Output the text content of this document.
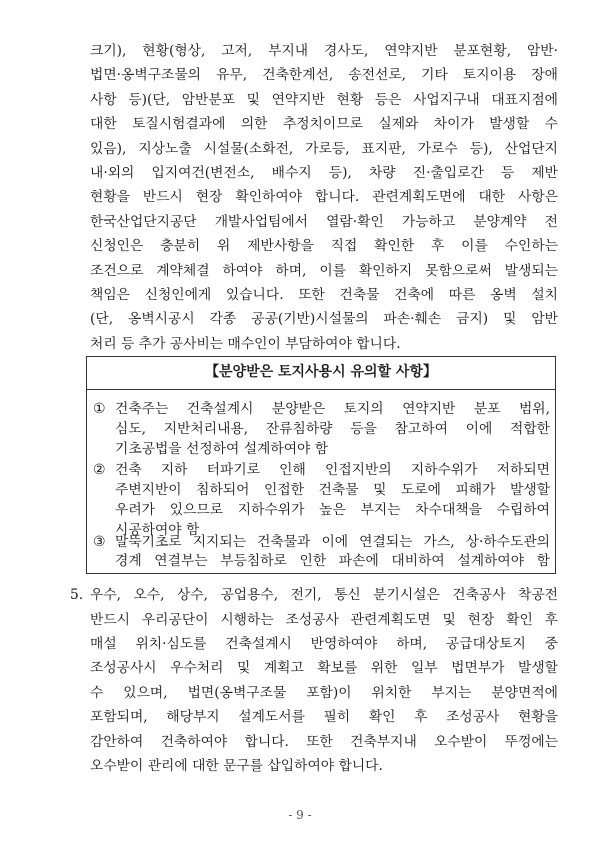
크기), 현황(형상, 고저, 부지내 경사도, 연약지반 분포현황, 암반·
법면·옹벽구조물의 유무, 건축한계선, 송전선로, 기타 토지이용 장애
사항 등)(단, 암반분포 및 연약지반 현황 등은 사업지구내 대표지점에
대한 토질시험결과에 의한 추정치이므로 실제와 차이가 발생할 수
있음), 지상노출 시설물(소화전, 가로등, 표지판, 가로수 등), 산업단지
내·외의 입지여건(변전소, 배수지 등), 차량 진·출입로간 등 제반
현황을 반드시 현장 확인하여야 합니다. 관련계획도면에 대한 사항은
한국산업단지공단 개발사업팀에서 열람·확인 가능하고 분양계약 전
신청인은 충분히 위 제반사항을 직접 확인한 후 이를 수인하는
조건으로 계약체결 하여야 하며, 이를 확인하지 못함으로써 발생되는
책임은 신청인에게 있습니다. 또한 건축물 건축에 따른 옹벽 설치
(단, 옹벽시공시 각종 공공(기반)시설물의 파손·훼손 금지) 및 암반
처리 등 추가 공사비는 매수인이 부담하여야 합니다.
【분양받은 토지사용시 유의할 사항】
① 건축주는 건축설계시 분양받은 토지의 연약지반 분포 범위,
심도, 지반처리내용, 잔류침하량 등을 참고하여 이에 적합한
기초공법을 선정하여 설계하여야 함
② 건축 지하 터파기로 인해 인접지반의 지하수위가 저하되면
주변지반이 침하되어 인접한 건축물 및 도로에 피해가 발생할
우려가 있으므로 지하수위가 높은 부지는 차수대책을 수립하여
시공하여야 함
③ 말뚝기초로 지지되는 건축물과 이에 연결되는 가스, 상·하수도관의
경계 연결부는 부등침하로 인한 파손에 대비하여 설계하여야 함
5. 우수, 오수, 상수, 공업용수, 전기, 통신 분기시설은 건축공사 착공전
반드시 우리공단이 시행하는 조성공사 관련계획도면 및 현장 확인 후
매설 위치·심도를 건축설계시 반영하여야 하며, 공급대상토지 중
조성공사시 우수처리 및 계획고 확보를 위한 일부 법면부가 발생할
수 있으며, 법면(옹벽구조물 포함)이 위치한 부지는 분양면적에
포함되며, 해당부지 설계도서를 필히 확인 후 조성공사 현황을
감안하여 건축하여야 합니다. 또한 건축부지내 오수받이 뚜껑에는
오수받이 관리에 대한 문구를 삽입하여야 합니다.
- 9 -
